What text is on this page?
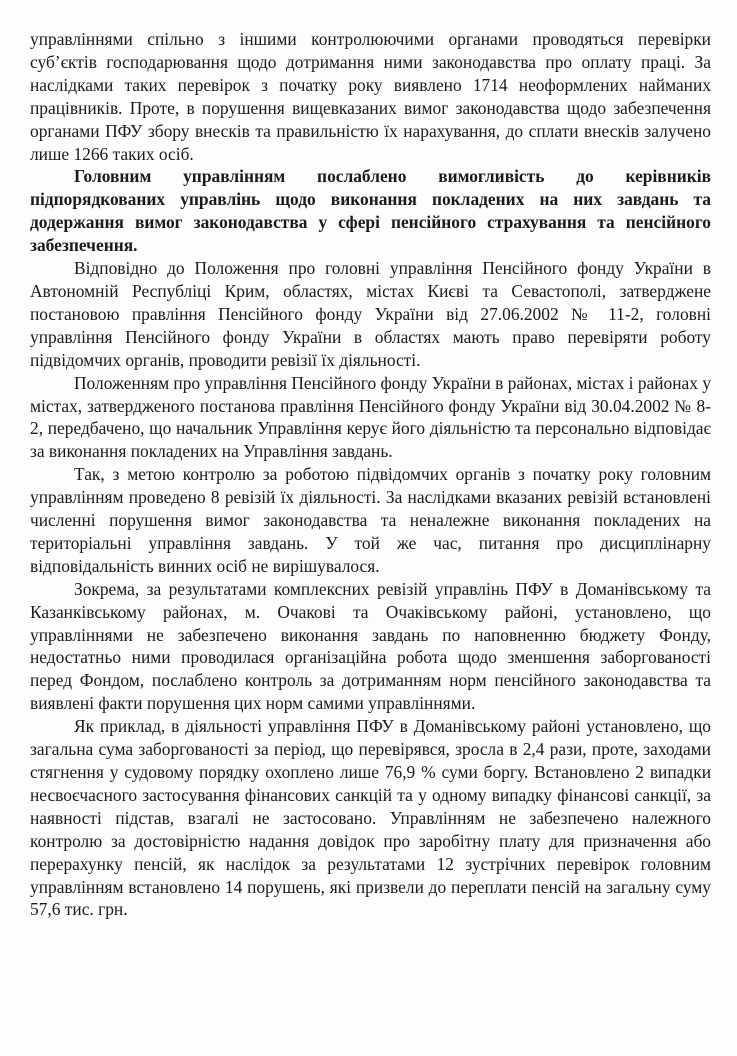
управліннями спільно з іншими контролюючими органами проводяться перевірки суб’єктів господарювання щодо дотримання ними законодавства про оплату праці. За наслідками таких перевірок з початку року виявлено 1714 неоформлених найманих працівників. Проте, в порушення вищевказаних вимог законодавства щодо забезпечення органами ПФУ збору внесків та правильністю їх нарахування, до сплати внесків залучено лише 1266 таких осіб.

Головним управлінням послаблено вимогливість до керівників підпорядкованих управлінь щодо виконання покладених на них завдань та додержання вимог законодавства у сфері пенсійного страхування та пенсійного забезпечення.

Відповідно до Положення про головні управління Пенсійного фонду України в Автономній Республіці Крим, областях, містах Києві та Севастополі, затверджене постановою правління Пенсійного фонду України від 27.06.2002 № 11-2, головні управління Пенсійного фонду України в областях мають право перевіряти роботу підвідомчих органів, проводити ревізії їх діяльності.

Положенням про управління Пенсійного фонду України в районах, містах і районах у містах, затвердженого постанова правління Пенсійного фонду України від 30.04.2002 № 8-2, передбачено, що начальник Управління керує його діяльністю та персонально відповідає за виконання покладених на Управління завдань.

Так, з метою контролю за роботою підвідомчих органів з початку року головним управлінням проведено 8 ревізій їх діяльності. За наслідками вказаних ревізій встановлені численні порушення вимог законодавства та неналежне виконання покладених на територіальні управління завдань. У той же час, питання про дисциплінарну відповідальність винних осіб не вирішувалося.

Зокрема, за результатами комплексних ревізій управлінь ПФУ в Доманівському та Казанківському районах, м. Очакові та Очаківському районі, установлено, що управліннями не забезпечено виконання завдань по наповненню бюджету Фонду, недостатньо ними проводилася організаційна робота щодо зменшення заборгованості перед Фондом, послаблено контроль за дотриманням норм пенсійного законодавства та виявлені факти порушення цих норм самими управліннями.

Як приклад, в діяльності управління ПФУ в Доманівському районі установлено, що загальна сума заборгованості за період, що перевірявся, зросла в 2,4 рази, проте, заходами стягнення у судовому порядку охоплено лише 76,9 % суми боргу. Встановлено 2 випадки несвоєчасного застосування фінансових санкцій та у одному випадку фінансові санкції, за наявності підстав, взагалі не застосовано. Управлінням не забезпечено належного контролю за достовірністю надання довідок про заробітну плату для призначення або перерахунку пенсій, як наслідок за результатами 12 зустрічних перевірок головним управлінням встановлено 14 порушень, які призвели до переплати пенсій на загальну суму 57,6 тис. грн.
